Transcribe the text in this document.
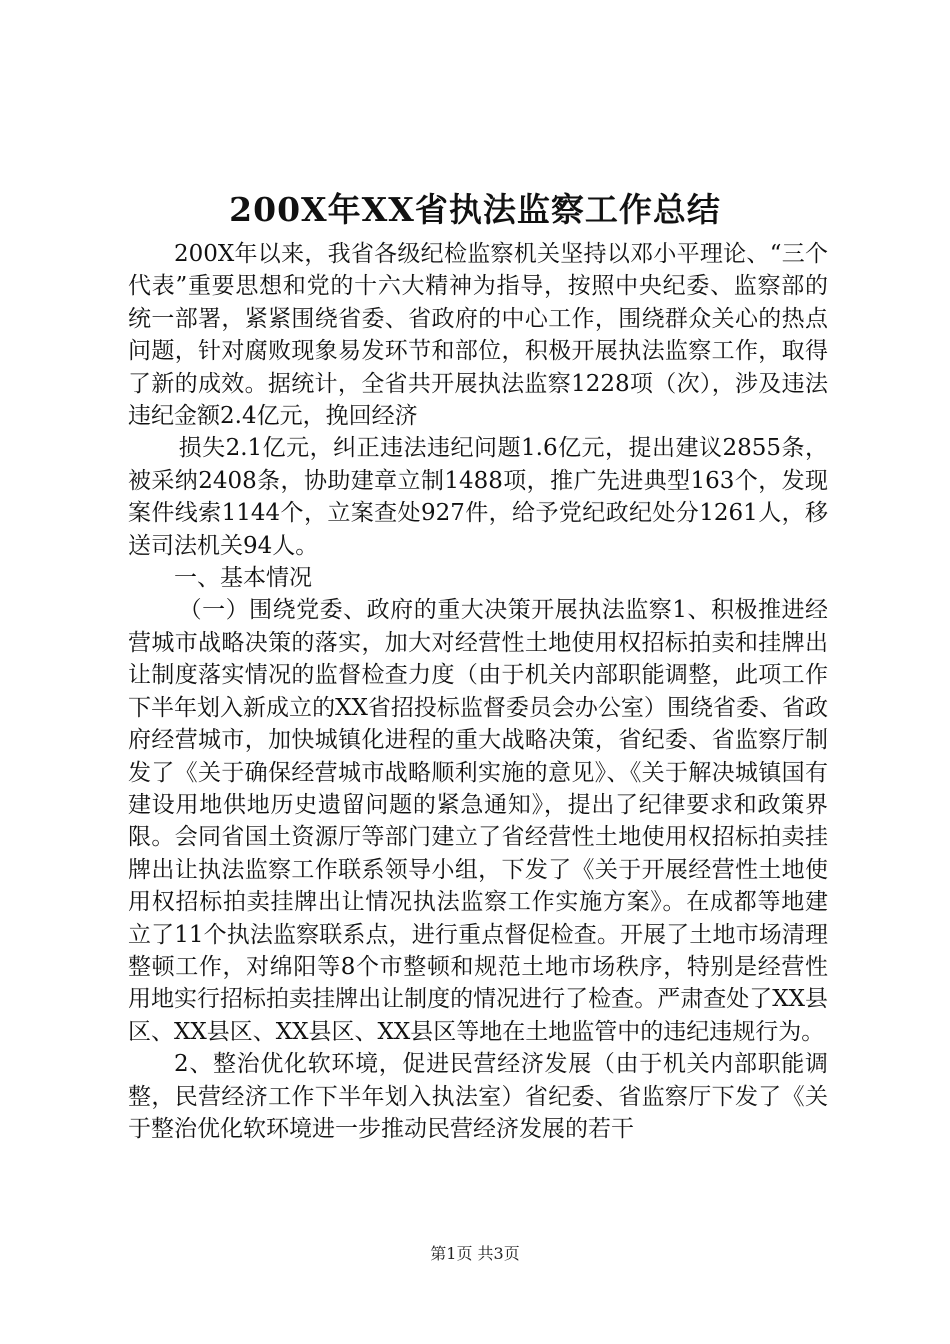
200X年XX省执法监察工作总结

200X年以来，我省各级纪检监察机关坚持以邓小平理论、“三个代表”重要思想和党的十六大精神为指导，按照中央纪委、监察部的统一部署，紧紧围绕省委、省政府的中心工作，围绕群众关心的热点问题，针对腐败现象易发环节和部位，积极开展执法监察工作，取得了新的成效。据统计，全省共开展执法监察1228项（次），涉及违法违纪金额2.4亿元，挽回经济

损失2.1亿元，纠正违法违纪问题1.6亿元，提出建议2855条，被采纳2408条，协助建章立制1488项，推广先进典型163个，发现案件线索1144个，立案查处927件，给予党纪政纪处分1261人，移送司法机关94人。

一、基本情况

（一）围绕党委、政府的重大决策开展执法监察1、积极推进经营城市战略决策的落实，加大对经营性土地使用权招标拍卖和挂牌出让制度落实情况的监督检查力度（由于机关内部职能调整，此项工作下半年划入新成立的XX省招投标监督委员会办公室）围绕省委、省政府经营城市，加快城镇化进程的重大战略决策，省纪委、省监察厅制发了《关于确保经营城市战略顺利实施的意见》、《关于解决城镇国有建设用地供地历史遗留问题的紧急通知》，提出了纪律要求和政策界限。会同省国土资源厅等部门建立了省经营性土地使用权招标拍卖挂牌出让执法监察工作联系领导小组，下发了《关于开展经营性土地使用权招标拍卖挂牌出让情况执法监察工作实施方案》。在成都等地建立了11个执法监察联系点，进行重点督促检查。开展了土地市场清理整顿工作，对绵阳等8个市整顿和规范土地市场秩序，特别是经营性用地实行招标拍卖挂牌出让制度的情况进行了检查。严肃查处了XX县区、XX县区、XX县区、XX县区等地在土地监管中的违纪违规行为。

2、整治优化软环境，促进民营经济发展（由于机关内部职能调整，民营经济工作下半年划入执法室）省纪委、省监察厅下发了《关于整治优化软环境进一步推动民营经济发展的若干

第1页 共3页
